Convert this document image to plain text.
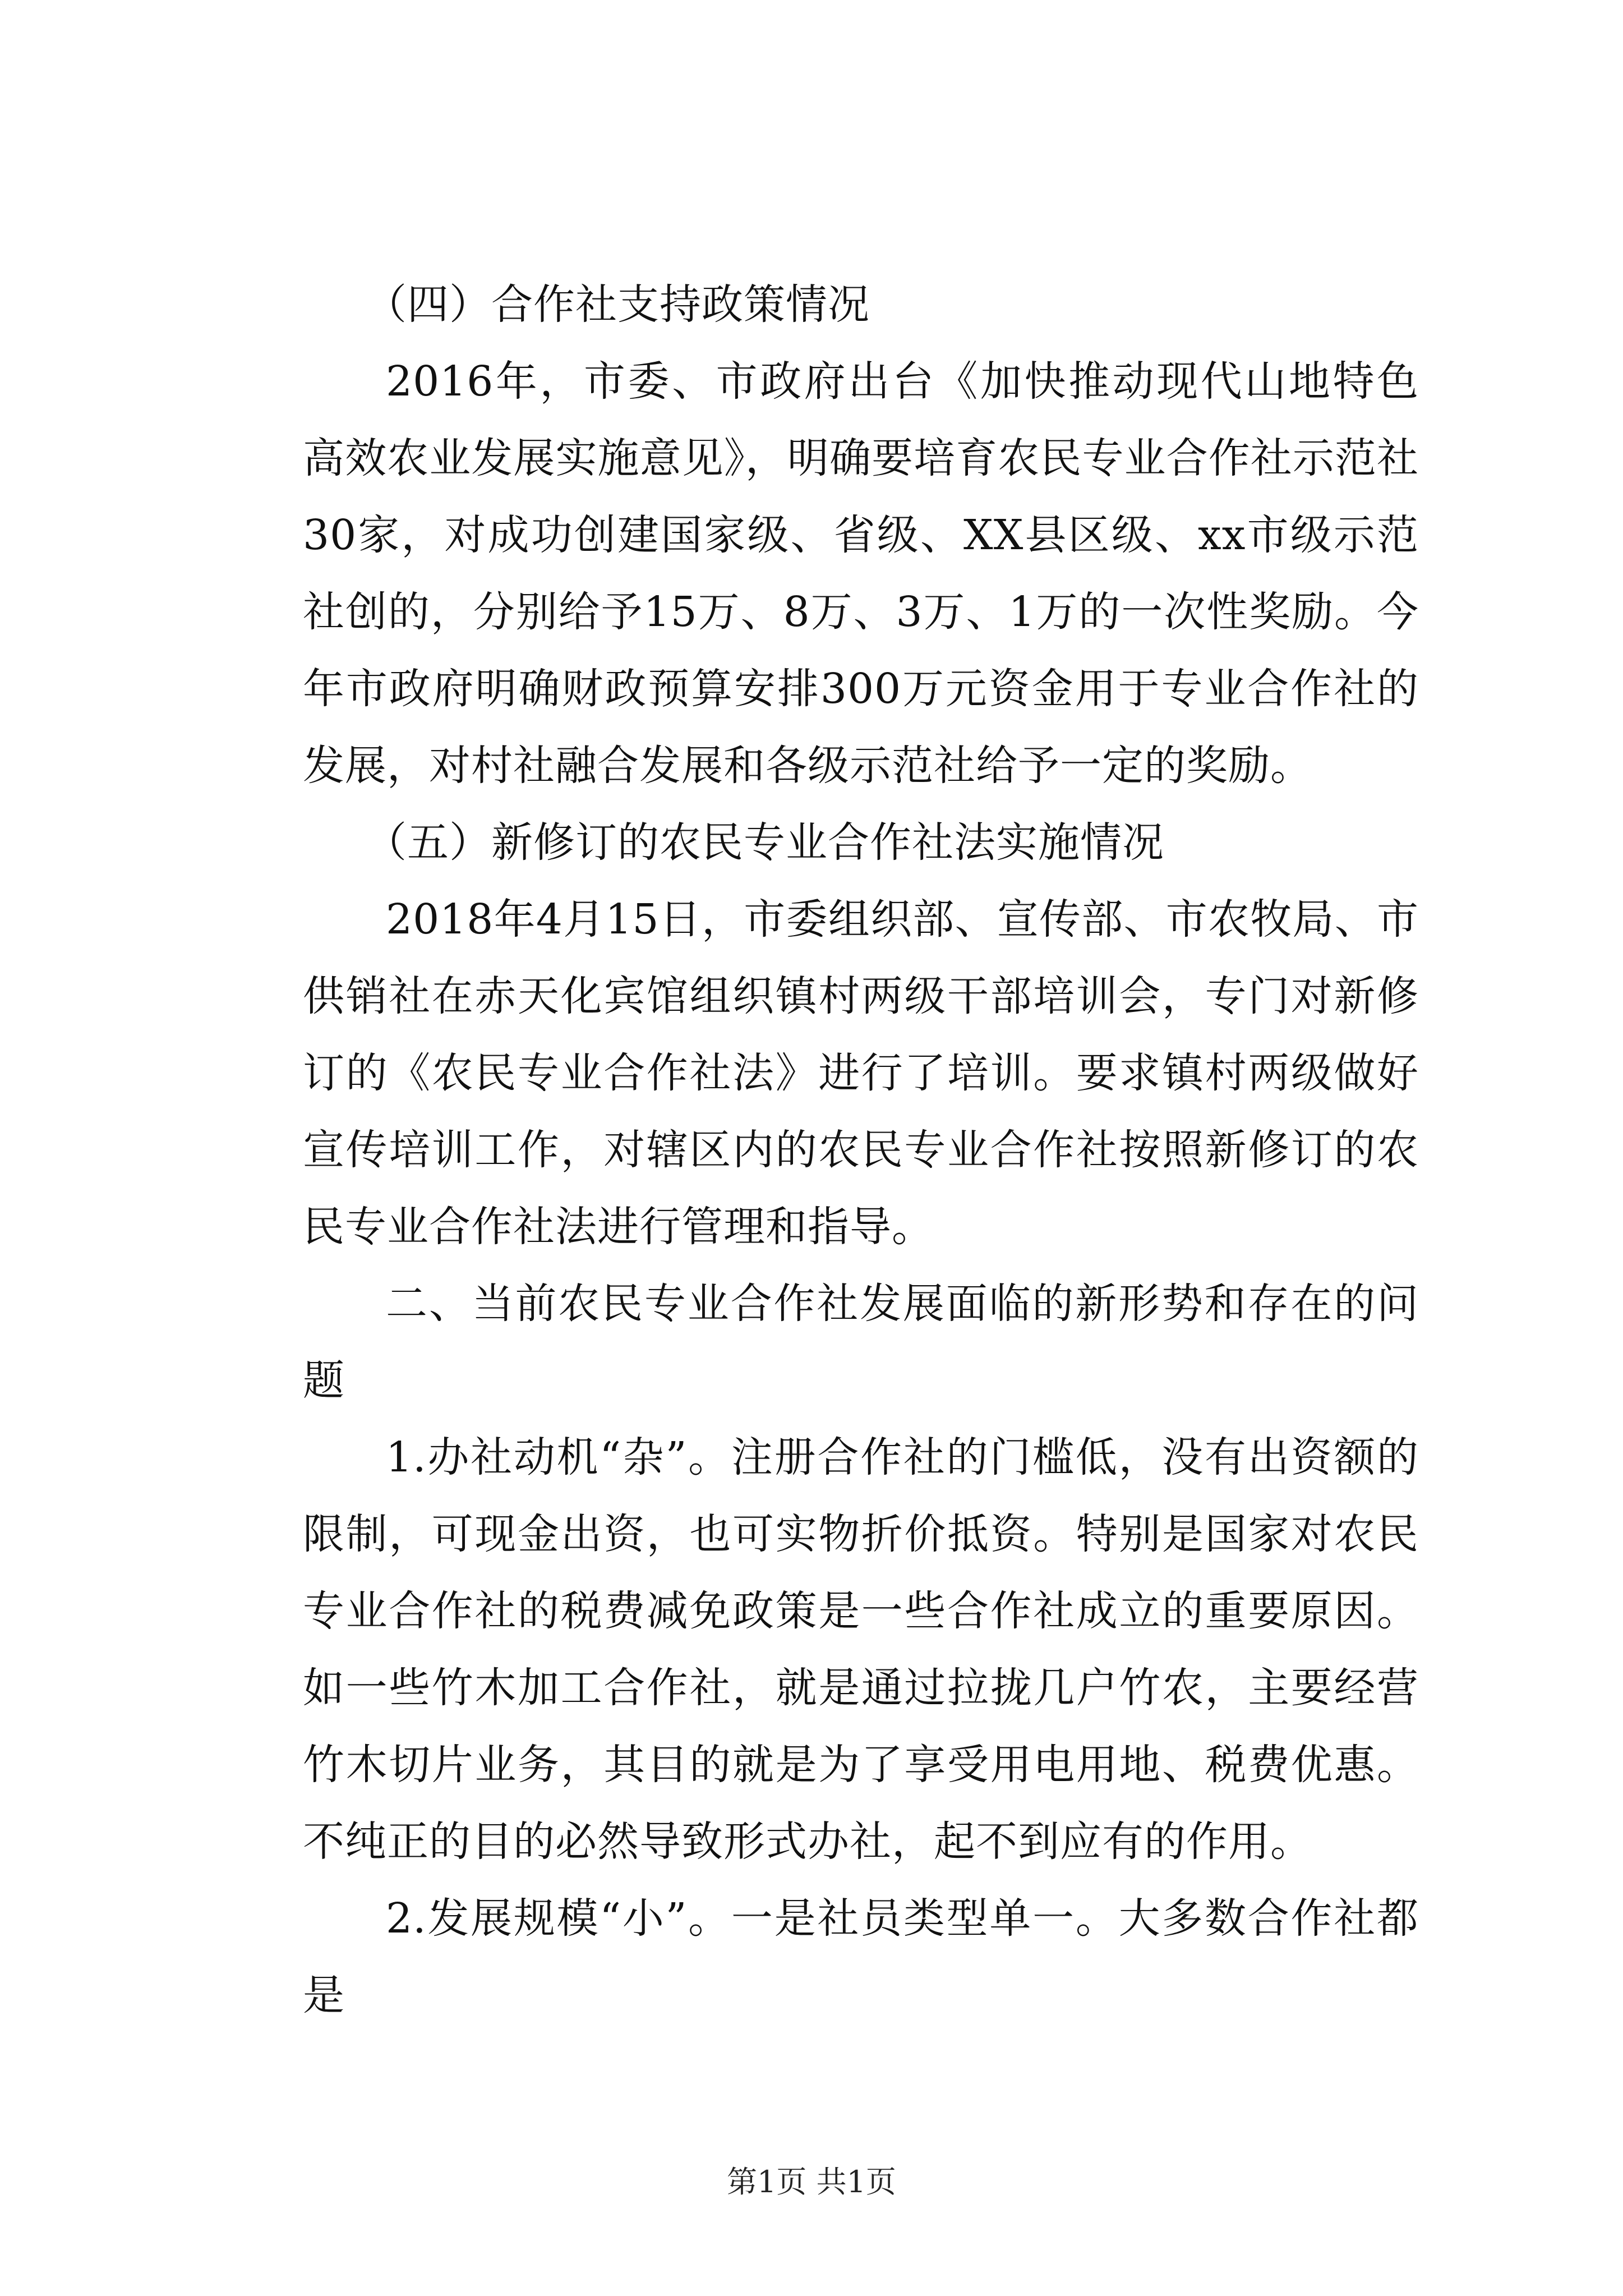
（四）合作社支持政策情况

2016年，市委、市政府出台《加快推动现代山地特色高效农业发展实施意见》，明确要培育农民专业合作社示范社30家，对成功创建国家级、省级、XX县区级、xx市级示范社创的，分别给予15万、8万、3万、1万的一次性奖励。今年市政府明确财政预算安排300万元资金用于专业合作社的发展，对村社融合发展和各级示范社给予一定的奖励。

（五）新修订的农民专业合作社法实施情况

2018年4月15日，市委组织部、宣传部、市农牧局、市供销社在赤天化宾馆组织镇村两级干部培训会，专门对新修订的《农民专业合作社法》进行了培训。要求镇村两级做好宣传培训工作，对辖区内的农民专业合作社按照新修订的农民专业合作社法进行管理和指导。

二、当前农民专业合作社发展面临的新形势和存在的问题

1.办社动机“杂”。注册合作社的门槛低，没有出资额的限制，可现金出资，也可实物折价抵资。特别是国家对农民专业合作社的税费减免政策是一些合作社成立的重要原因。如一些竹木加工合作社，就是通过拉拢几户竹农，主要经营竹木切片业务，其目的就是为了享受用电用地、税费优惠。不纯正的目的必然导致形式办社，起不到应有的作用。

2.发展规模“小”。一是社员类型单一。大多数合作社都是

第1页 共1页
